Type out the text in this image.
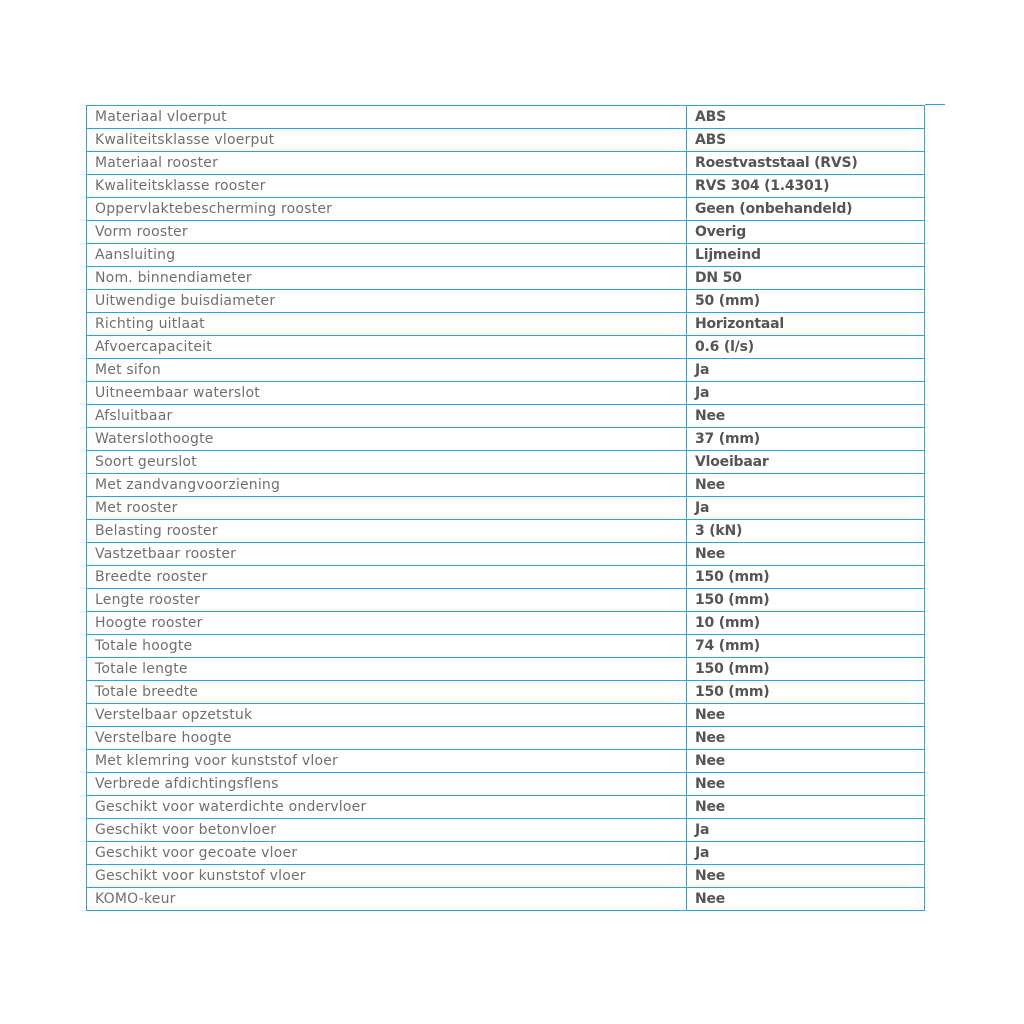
Materiaal vloerput	ABS
Kwaliteitsklasse vloerput	ABS
Materiaal rooster	Roestvaststaal (RVS)
Kwaliteitsklasse rooster	RVS 304 (1.4301)
Oppervlaktebescherming rooster	Geen (onbehandeld)
Vorm rooster	Overig
Aansluiting	Lijmeind
Nom. binnendiameter	DN 50
Uitwendige buisdiameter	50 (mm)
Richting uitlaat	Horizontaal
Afvoercapaciteit	0.6 (l/s)
Met sifon	Ja
Uitneembaar waterslot	Ja
Afsluitbaar	Nee
Waterslothoogte	37 (mm)
Soort geurslot	Vloeibaar
Met zandvangvoorziening	Nee
Met rooster	Ja
Belasting rooster	3 (kN)
Vastzetbaar rooster	Nee
Breedte rooster	150 (mm)
Lengte rooster	150 (mm)
Hoogte rooster	10 (mm)
Totale hoogte	74 (mm)
Totale lengte	150 (mm)
Totale breedte	150 (mm)
Verstelbaar opzetstuk	Nee
Verstelbare hoogte	Nee
Met klemring voor kunststof vloer	Nee
Verbrede afdichtingsflens	Nee
Geschikt voor waterdichte ondervloer	Nee
Geschikt voor betonvloer	Ja
Geschikt voor gecoate vloer	Ja
Geschikt voor kunststof vloer	Nee
KOMO-keur	Nee
